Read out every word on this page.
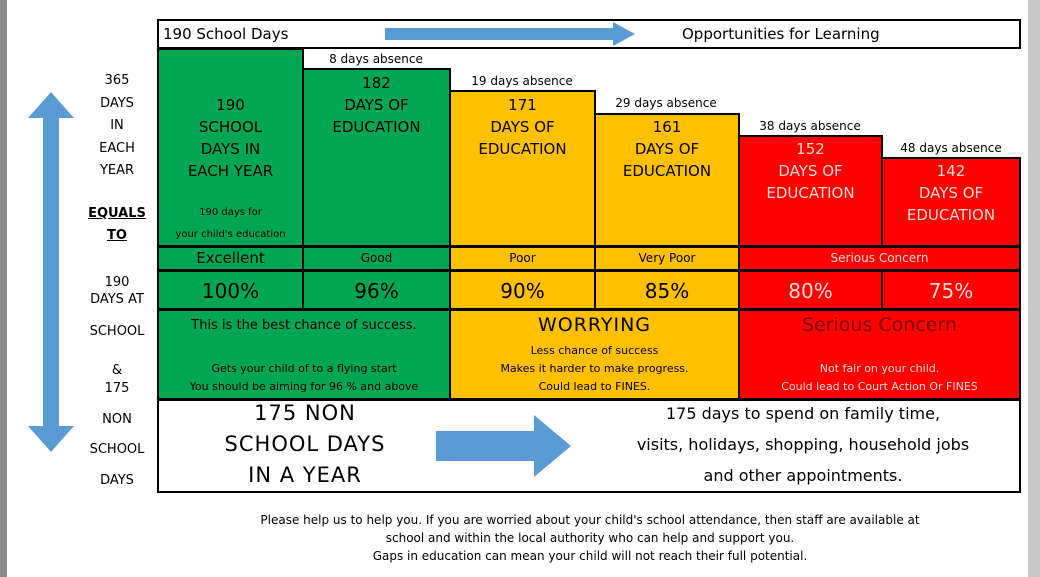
190 School Days	Opportunities for Learning
365
DAYS
IN
EACH
YEAR
EQUALS
TO
190
DAYS AT
SCHOOL
&
175
NON
SCHOOL
DAYS
190
SCHOOL
DAYS IN
EACH YEAR
190 days for
your child's education
8 days absence
182
DAYS OF
EDUCATION
19 days absence
171
DAYS OF
EDUCATION
29 days absence
161
DAYS OF
EDUCATION
38 days absence
152
DAYS OF
EDUCATION
48 days absence
142
DAYS OF
EDUCATION
Excellent	Good	Poor	Very Poor	Serious Concern
100%	96%	90%	85%	80%	75%
This is the best chance of success.
Gets your child of to a flying start
You should be aiming for 96 % and above
WORRYING
Less chance of success
Makes it harder to make progress.
Could lead to FINES.
Serious Concern
Not fair on your child.
Could lead to Court Action Or FINES
175 NON
SCHOOL DAYS
IN A YEAR
175 days to spend on family time,
visits, holidays, shopping, household jobs
and other appointments.
Please help us to help you. If you are worried about your child's school attendance, then staff are available at
school and within the local authority who can help and support you.
Gaps in education can mean your child will not reach their full potential.
